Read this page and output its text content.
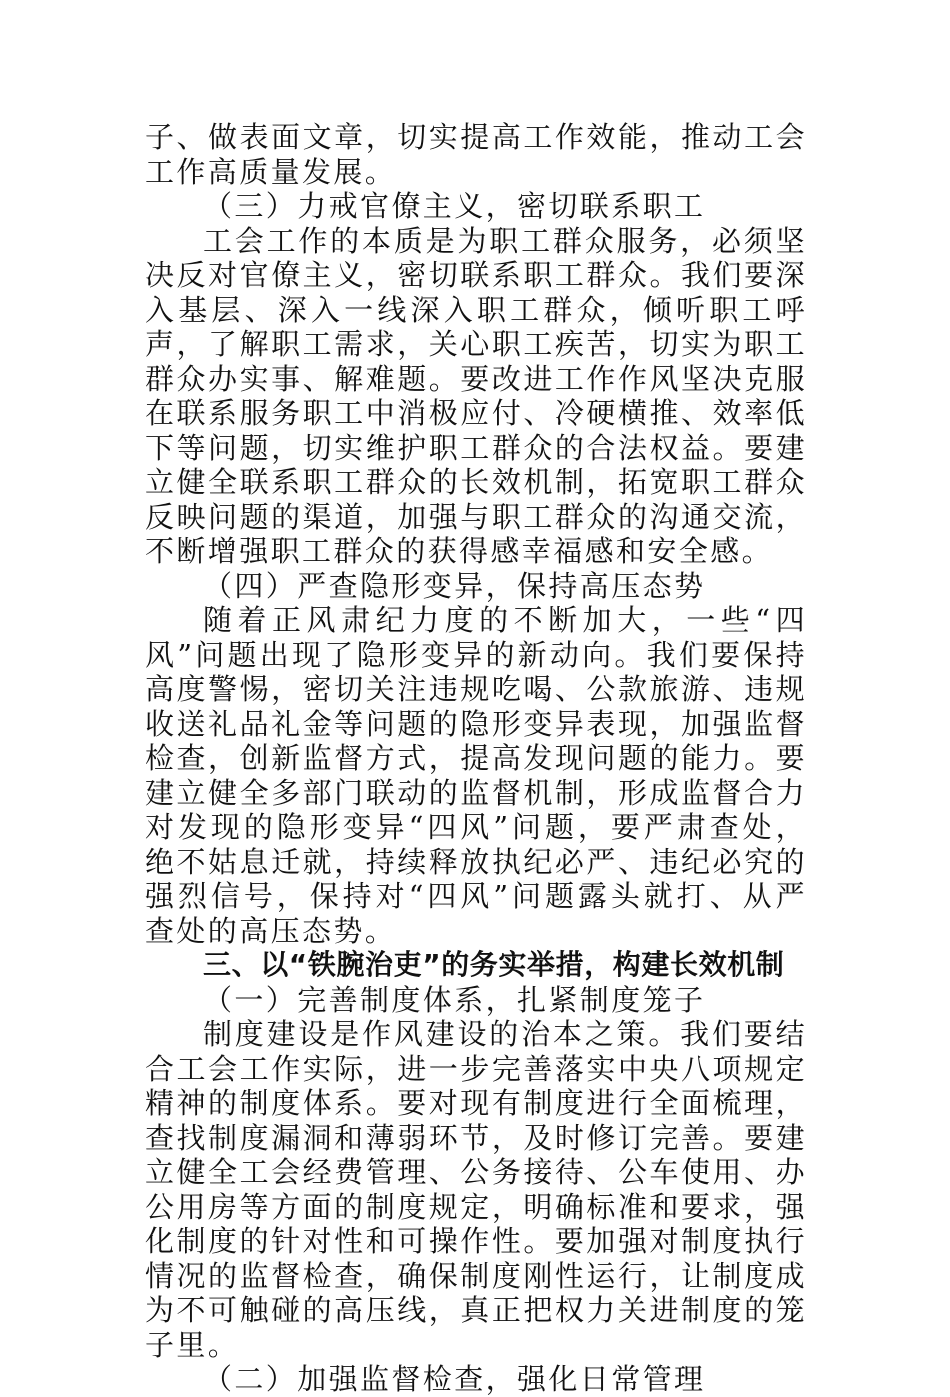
子、做表面文章，切实提高工作效能，推动工会工作高质量发展。

（三）力戒官僚主义，密切联系职工

工会工作的本质是为职工群众服务，必须坚决反对官僚主义，密切联系职工群众。我们要深入基层、深入一线深入职工群众，倾听职工呼声，了解职工需求，关心职工疾苦，切实为职工群众办实事、解难题。要改进工作作风坚决克服在联系服务职工中消极应付、冷硬横推、效率低下等问题，切实维护职工群众的合法权益。要建立健全联系职工群众的长效机制，拓宽职工群众反映问题的渠道，加强与职工群众的沟通交流，不断增强职工群众的获得感幸福感和安全感。

（四）严查隐形变异，保持高压态势

随着正风肃纪力度的不断加大，一些“四风”问题出现了隐形变异的新动向。我们要保持高度警惕，密切关注违规吃喝、公款旅游、违规收送礼品礼金等问题的隐形变异表现，加强监督检查，创新监督方式，提高发现问题的能力。要建立健全多部门联动的监督机制，形成监督合力对发现的隐形变异“四风”问题，要严肃查处，绝不姑息迁就，持续释放执纪必严、违纪必究的强烈信号，保持对“四风”问题露头就打、从严查处的高压态势。

三、以“铁腕治吏”的务实举措，构建长效机制

（一）完善制度体系，扎紧制度笼子

制度建设是作风建设的治本之策。我们要结合工会工作实际，进一步完善落实中央八项规定精神的制度体系。要对现有制度进行全面梳理，查找制度漏洞和薄弱环节，及时修订完善。要建立健全工会经费管理、公务接待、公车使用、办公用房等方面的制度规定，明确标准和要求，强化制度的针对性和可操作性。要加强对制度执行情况的监督检查，确保制度刚性运行，让制度成为不可触碰的高压线，真正把权力关进制度的笼子里。

（二）加强监督检查，强化日常管理
